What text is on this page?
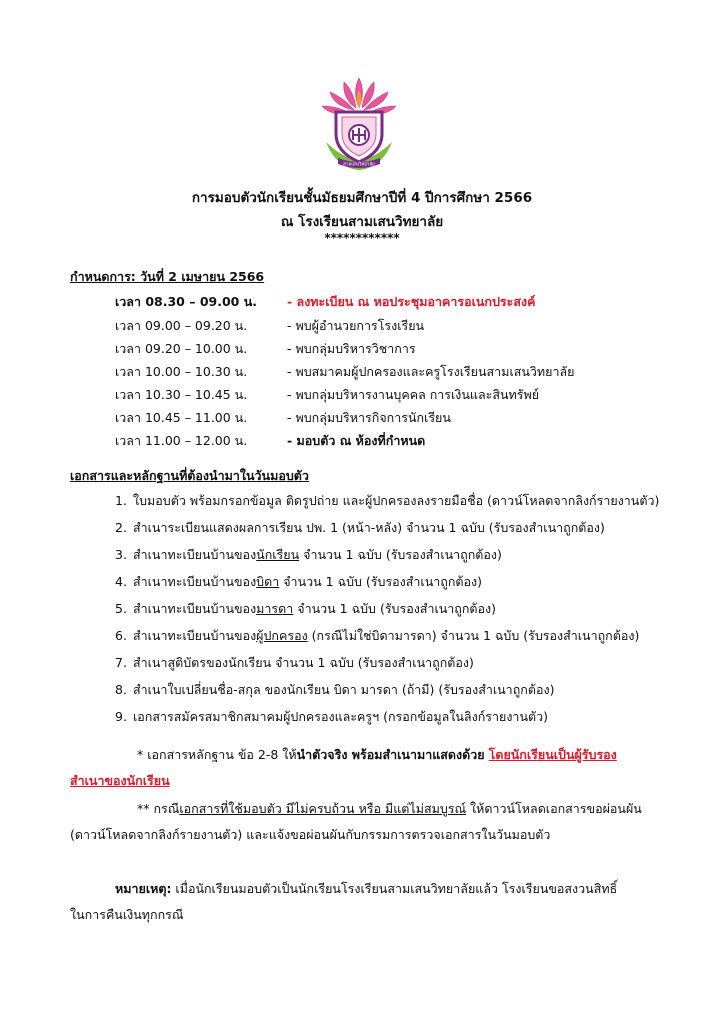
สามเสนวิทยาลัย
การมอบตัวนักเรียนชั้นมัธยมศึกษาปีที่ 4 ปีการศึกษา 2566
ณ โรงเรียนสามเสนวิทยาลัย
************
กำหนดการ: วันที่ 2 เมษายน 2566
เวลา 08.30 – 09.00 น. - ลงทะเบียน ณ หอประชุมอาคารอเนกประสงค์
เวลา 09.00 – 09.20 น.	- พบผู้อำนวยการโรงเรียน
เวลา 09.20 – 10.00 น.	- พบกลุ่มบริหารวิชาการ
เวลา 10.00 – 10.30 น.	- พบสมาคมผู้ปกครองและครูโรงเรียนสามเสนวิทยาลัย
เวลา 10.30 – 10.45 น.	- พบกลุ่มบริหารงานบุคคล การเงินและสินทรัพย์
เวลา 10.45 – 11.00 น.	- พบกลุ่มบริหารกิจการนักเรียน
เวลา 11.00 – 12.00 น.	- มอบตัว ณ ห้องที่กำหนด
เอกสารและหลักฐานที่ต้องนำมาในวันมอบตัว
1. ใบมอบตัว พร้อมกรอกข้อมูล ติดรูปถ่าย และผู้ปกครองลงรายมือชื่อ (ดาวน์โหลดจากลิงก์รายงานตัว)
2. สำเนาระเบียนแสดงผลการเรียน ปพ. 1 (หน้า-หลัง) จำนวน 1 ฉบับ (รับรองสำเนาถูกต้อง)
3. สำเนาทะเบียนบ้านของนักเรียน จำนวน 1 ฉบับ (รับรองสำเนาถูกต้อง)
4. สำเนาทะเบียนบ้านของบิดา จำนวน 1 ฉบับ (รับรองสำเนาถูกต้อง)
5. สำเนาทะเบียนบ้านของมารดา จำนวน 1 ฉบับ (รับรองสำเนาถูกต้อง)
6. สำเนาทะเบียนบ้านของผู้ปกครอง (กรณีไม่ใช่บิดามารดา) จำนวน 1 ฉบับ (รับรองสำเนาถูกต้อง)
7. สำเนาสูติบัตรของนักเรียน จำนวน 1 ฉบับ (รับรองสำเนาถูกต้อง)
8. สำเนาใบเปลี่ยนชื่อ-สกุล ของนักเรียน บิดา มารดา (ถ้ามี) (รับรองสำเนาถูกต้อง)
9. เอกสารสมัครสมาชิกสมาคมผู้ปกครองและครูฯ (กรอกข้อมูลในลิงก์รายงานตัว)
* เอกสารหลักฐาน ข้อ 2-8 ให้นำตัวจริง พร้อมสำเนามาแสดงด้วย โดยนักเรียนเป็นผู้รับรอง
สำเนาของนักเรียน
** กรณีเอกสารที่ใช้มอบตัว มีไม่ครบถ้วน หรือ มีแต่ไม่สมบูรณ์ ให้ดาวน์โหลดเอกสารขอผ่อนผัน
(ดาวน์โหลดจากลิงก์รายงานตัว) และแจ้งขอผ่อนผันกับกรรมการตรวจเอกสารในวันมอบตัว
หมายเหตุ: เมื่อนักเรียนมอบตัวเป็นนักเรียนโรงเรียนสามเสนวิทยาลัยแล้ว โรงเรียนขอสงวนสิทธิ์
ในการคืนเงินทุกกรณี
